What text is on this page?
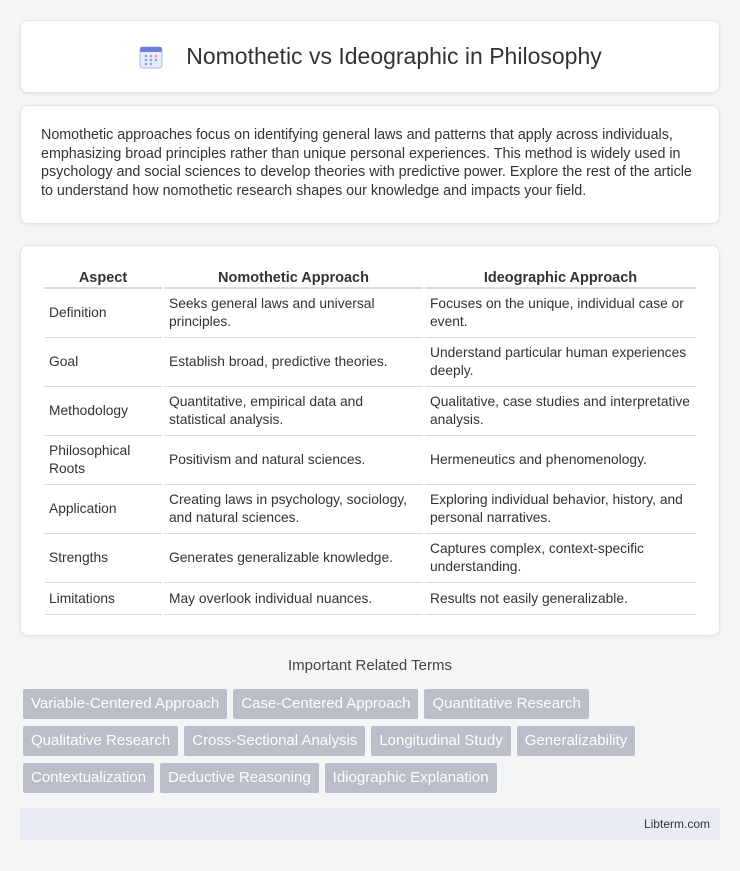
Nomothetic vs Ideographic in Philosophy

Nomothetic approaches focus on identifying general laws and patterns that apply across individuals, emphasizing broad principles rather than unique personal experiences. This method is widely used in psychology and social sciences to develop theories with predictive power. Explore the rest of the article to understand how nomothetic research shapes our knowledge and impacts your field.

Aspect	Nomothetic Approach	Ideographic Approach
Definition	Seeks general laws and universal principles.	Focuses on the unique, individual case or event.
Goal	Establish broad, predictive theories.	Understand particular human experiences deeply.
Methodology	Quantitative, empirical data and statistical analysis.	Qualitative, case studies and interpretative analysis.
Philosophical Roots	Positivism and natural sciences.	Hermeneutics and phenomenology.
Application	Creating laws in psychology, sociology, and natural sciences.	Exploring individual behavior, history, and personal narratives.
Strengths	Generates generalizable knowledge.	Captures complex, context-specific understanding.
Limitations	May overlook individual nuances.	Results not easily generalizable.
Important Related Terms
Variable-Centered Approach	Case-Centered Approach	Quantitative Research
Qualitative Research	Cross-Sectional Analysis	Longitudinal Study	Generalizability
Contextualization	Deductive Reasoning	Idiographic Explanation
Libterm.com
